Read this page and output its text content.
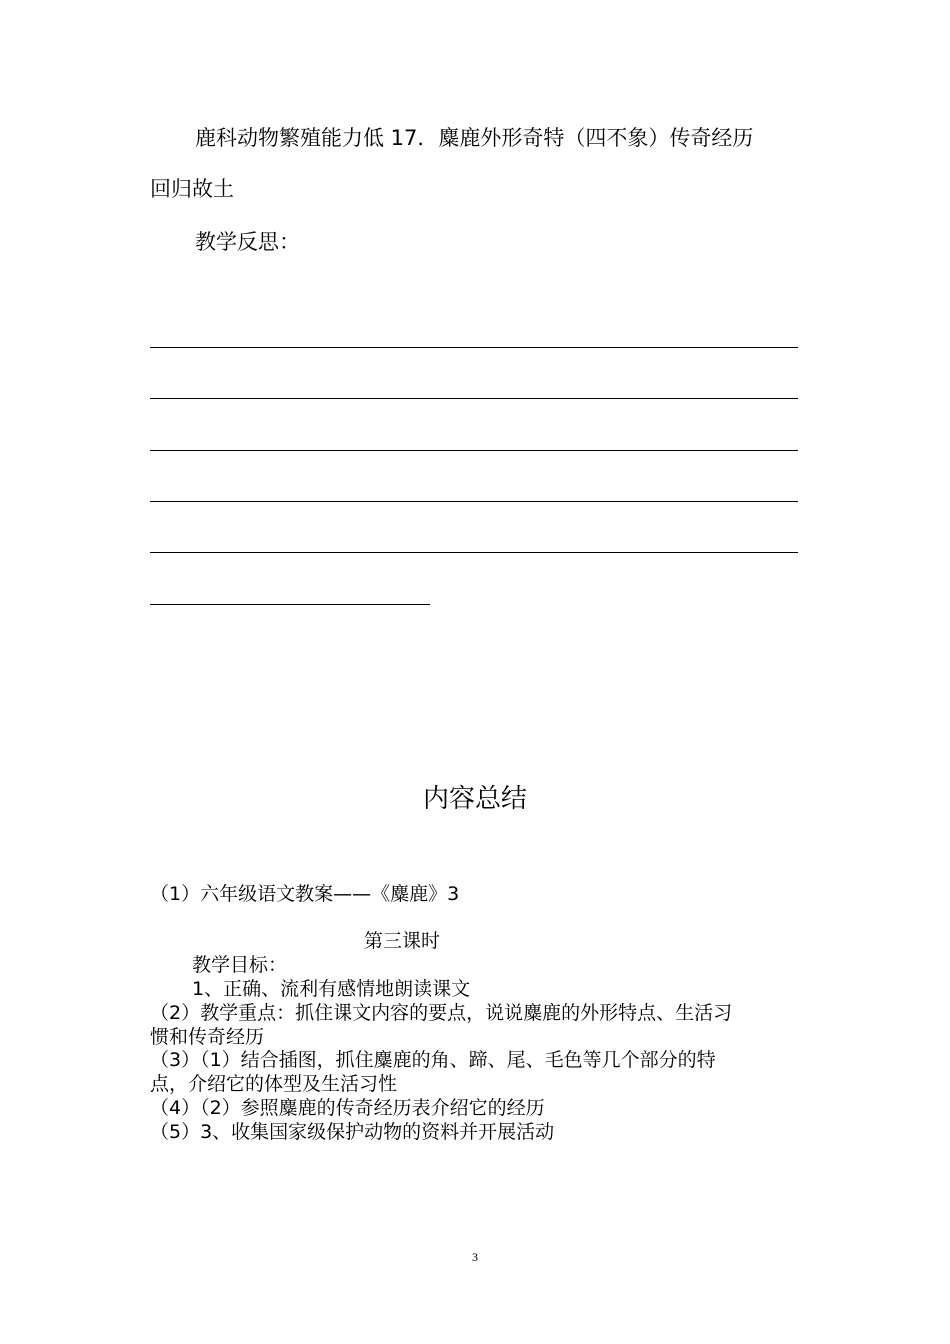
鹿科动物繁殖能力低 17．麋鹿外形奇特（四不象）传奇经历
回归故土
教学反思：
内容总结
（1）六年级语文教案——《麋鹿》3
第三课时
教学目标：
1、正确、流利有感情地朗读课文
（2）教学重点：抓住课文内容的要点，说说麋鹿的外形特点、生活习
惯和传奇经历
（3）（1）结合插图，抓住麋鹿的角、蹄、尾、毛色等几个部分的特
点，介绍它的体型及生活习性
（4）（2）参照麋鹿的传奇经历表介绍它的经历
（5）3、收集国家级保护动物的资料并开展活动
3
